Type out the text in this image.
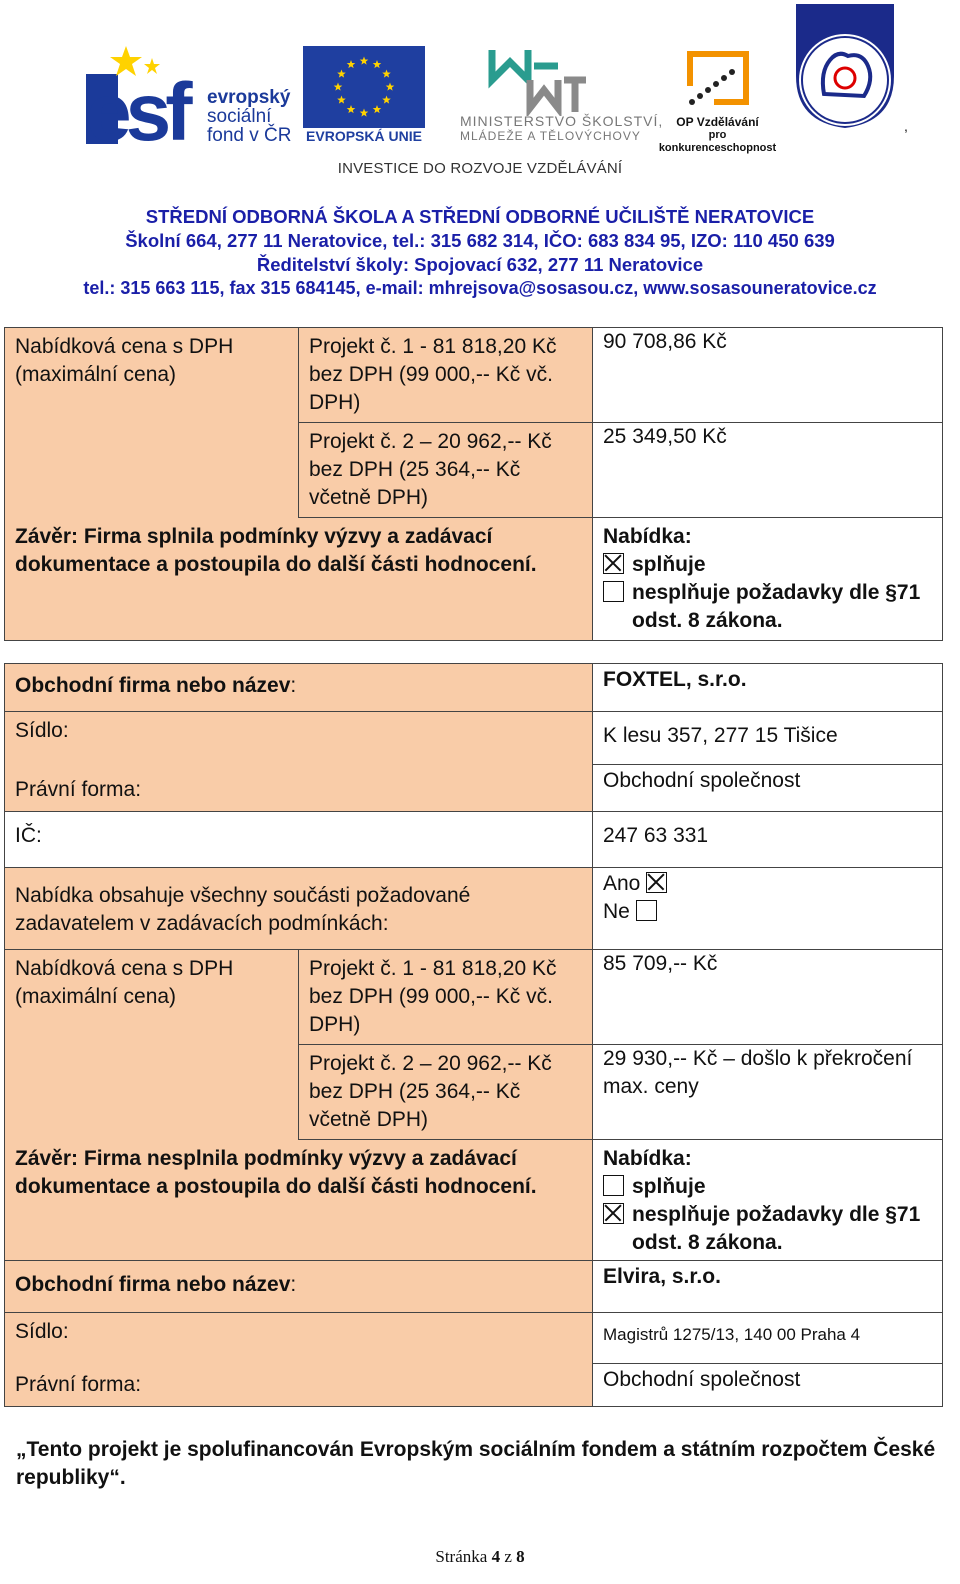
esf	evropský
sociální
fond v ČR	EVROPSKÁ UNIE
MINISTERSTVO ŠKOLSTVÍ,
MLÁDEŽE A TĚLOVÝCHOVY
OP Vzdělávání
pro konkurenceschopnost
,
INVESTICE DO ROZVOJE VZDĚLÁVÁNÍ
STŘEDNÍ ODBORNÁ ŠKOLA A STŘEDNÍ ODBORNÉ UČILIŠTĚ NERATOVICE
Školní 664, 277 11 Neratovice, tel.: 315 682 314, IČO: 683 834 95, IZO: 110 450 639
Ředitelství školy: Spojovací 632, 277 11 Neratovice
tel.: 315 663 115, fax 315 684145, e-mail: mhrejsova@sosasou.cz, www.sosasouneratovice.cz
Nabídková cena s DPH (maximální cena)	Projekt č. 1 - 81 818,20 Kč bez DPH (99 000,-- Kč vč. DPH)	90 708,86 Kč
	Projekt č. 2 – 20 962,-- Kč bez DPH (25 364,-- Kč včetně DPH)	25 349,50 Kč
Závěr: Firma splnila podmínky výzvy a zadávací dokumentace a postoupila do další části hodnocení.		Nabídka:
splňuje
nesplňuje požadavky dle §71 odst. 8 zákona.
Obchodní firma nebo název:		FOXTEL, s.r.o.
Sídlo:		K lesu 357, 277 15 Tišice
Právní forma:		Obchodní společnost
IČ:		247 63 331
Nabídka obsahuje všechny součásti požadované zadavatelem v zadávacích podmínkách:		Ano
Ne

Nabídková cena s DPH (maximální cena)	Projekt č. 1 - 81 818,20 Kč bez DPH (99 000,-- Kč vč. DPH)	85 709,-- Kč
	Projekt č. 2 – 20 962,-- Kč bez DPH (25 364,-- Kč včetně DPH)	29 930,-- Kč – došlo k překročení max. ceny
Závěr: Firma nesplnila podmínky výzvy a zadávací dokumentace a postoupila do další části hodnocení.		Nabídka:
splňuje
nesplňuje požadavky dle §71 odst. 8 zákona.
Obchodní firma nebo název:	Elvira, s.r.o.
Sídlo:	Magistrů 1275/13, 140 00 Praha 4
Právní forma:	Obchodní společnost
„Tento projekt je spolufinancován Evropským sociálním fondem a státním rozpočtem České republiky“.
Stránka 4 z 8
